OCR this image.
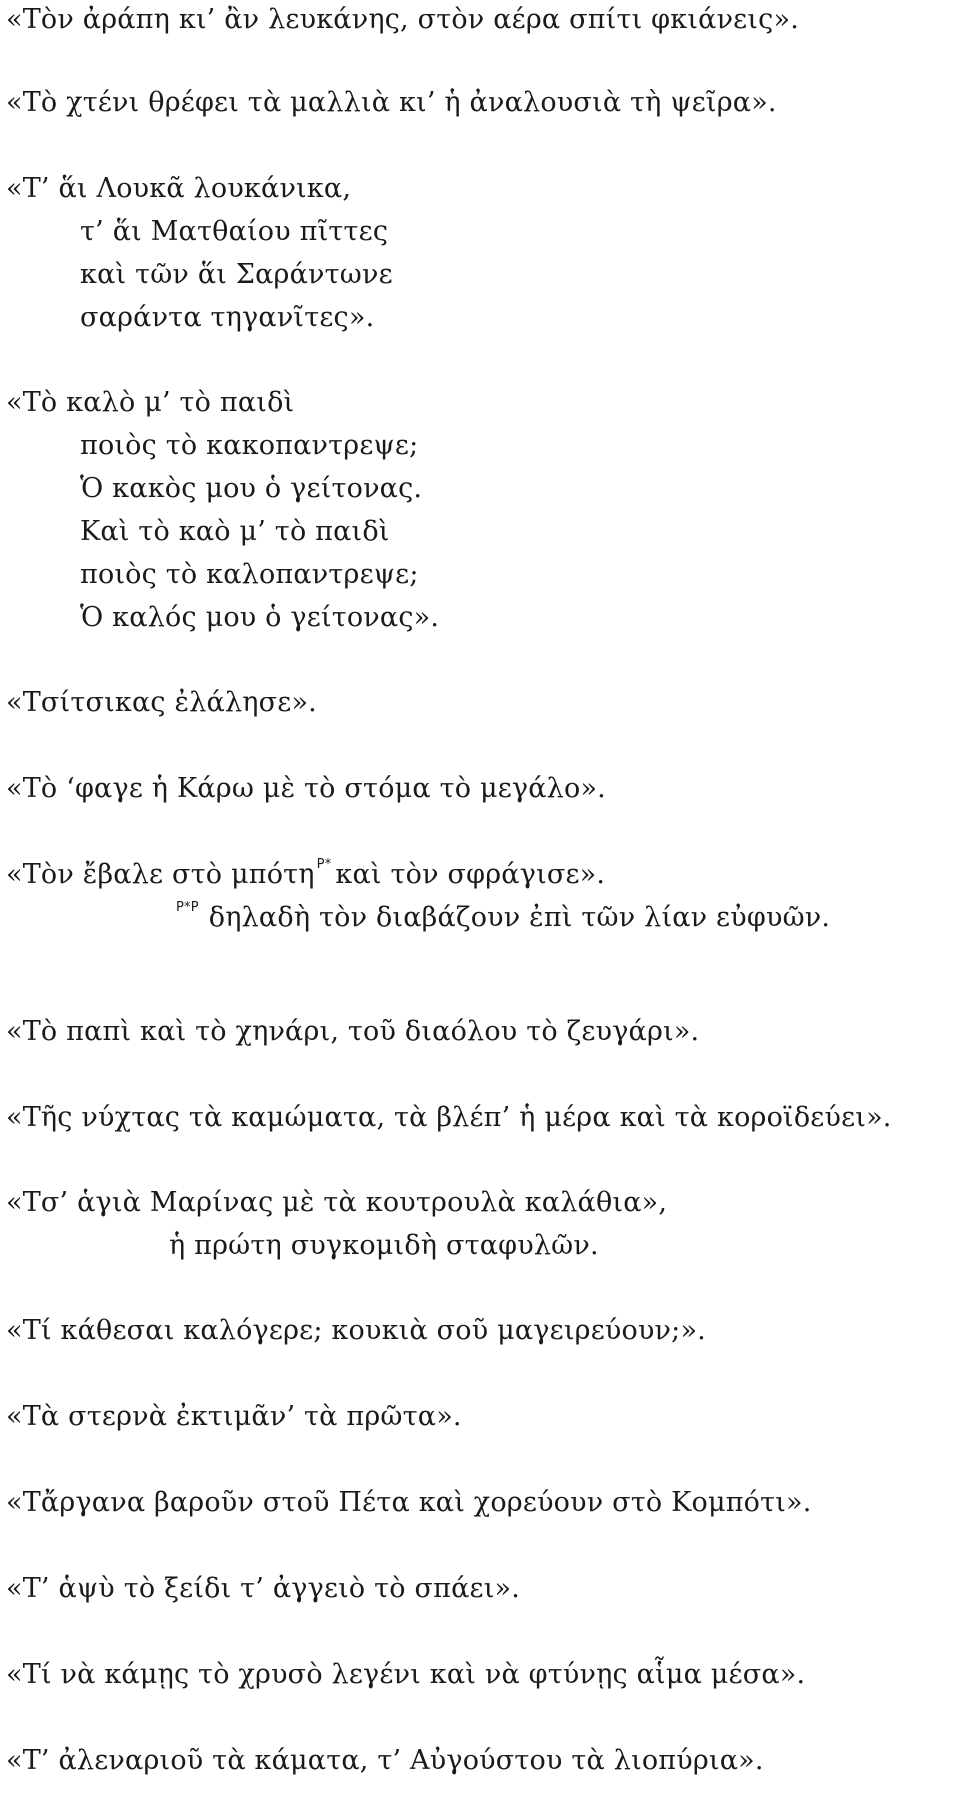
«Tὸν ἀράπη κι’ ἂν λευκάνης, στὸν αέρα σπίτι φκιάνεις».
«Tὸ χτένι θρέφει τὰ μαλλιὰ κι’ ἡ ἀναλουσιὰ τὴ ψεῖρα».
«Τ’ ἅι Λουκᾶ λουκάνικα,
τ’ ἅι Ματθαίου πῖττες
καὶ τῶν ἅι Σαράντωνε
σαράντα τηγανῖτες».
«Tὸ καλὸ μ’ τὸ παιδὶ
ποιὸς τὸ κακοπαντρεψε;
Ὁ κακὸς μου ὁ γείτονας.
Καὶ τὸ καὸ μ’ τὸ παιδὶ
ποιὸς τὸ καλοπαντρεψε;
Ὁ καλός μου ὁ γείτονας».
«Τσίτσικας ἐλάλησε».
«Tὸ ‘φαγε ἡ Κάρω μὲ τὸ στόμα τὸ μεγάλο».
«Tὸν ἔβαλε στὸ μπότη $^{P*}$ καὶ τὸν σφράγισε».
$^{P*P}$ δηλαδὴ τὸν διαβάζουν ἐπὶ τῶν λίαν εὐφυῶν.
«Tὸ παπὶ καὶ τὸ χηνάρι, τοῦ διαόλου τὸ ζευγάρι».
«Tῆς νύχτας τὰ καμώματα, τὰ βλέπ’ ἡ μέρα καὶ τὰ κοροϊδεύει».
«Τσ’ ἁγιὰ Μαρίνας μὲ τὰ κουτρουλὰ καλάθια»,
ἡ πρώτη συγκομιδὴ σταφυλῶν.
«Tί κάθεσαι καλόγερε; κουκιὰ σοῦ μαγειρεύουν;».
«Tὰ στερνὰ ἐκτιμᾶν’ τὰ πρῶτα».
«Tἄργανα βαροῦν στοῦ Πέτα καὶ χορεύουν στὸ Κομπότι».
«Τ’ ἁψὺ τὸ ξείδι τ’ ἀγγειὸ τὸ σπάει».
«Tί νὰ κάμῃς τὸ χρυσὸ λεγένι καὶ νὰ φτύνῃς αἷμα μέσα».
«Τ’ ἀλεναριοῦ τὰ κάματα, τ’ Αὐγούστου τὰ λιοπύρια».
